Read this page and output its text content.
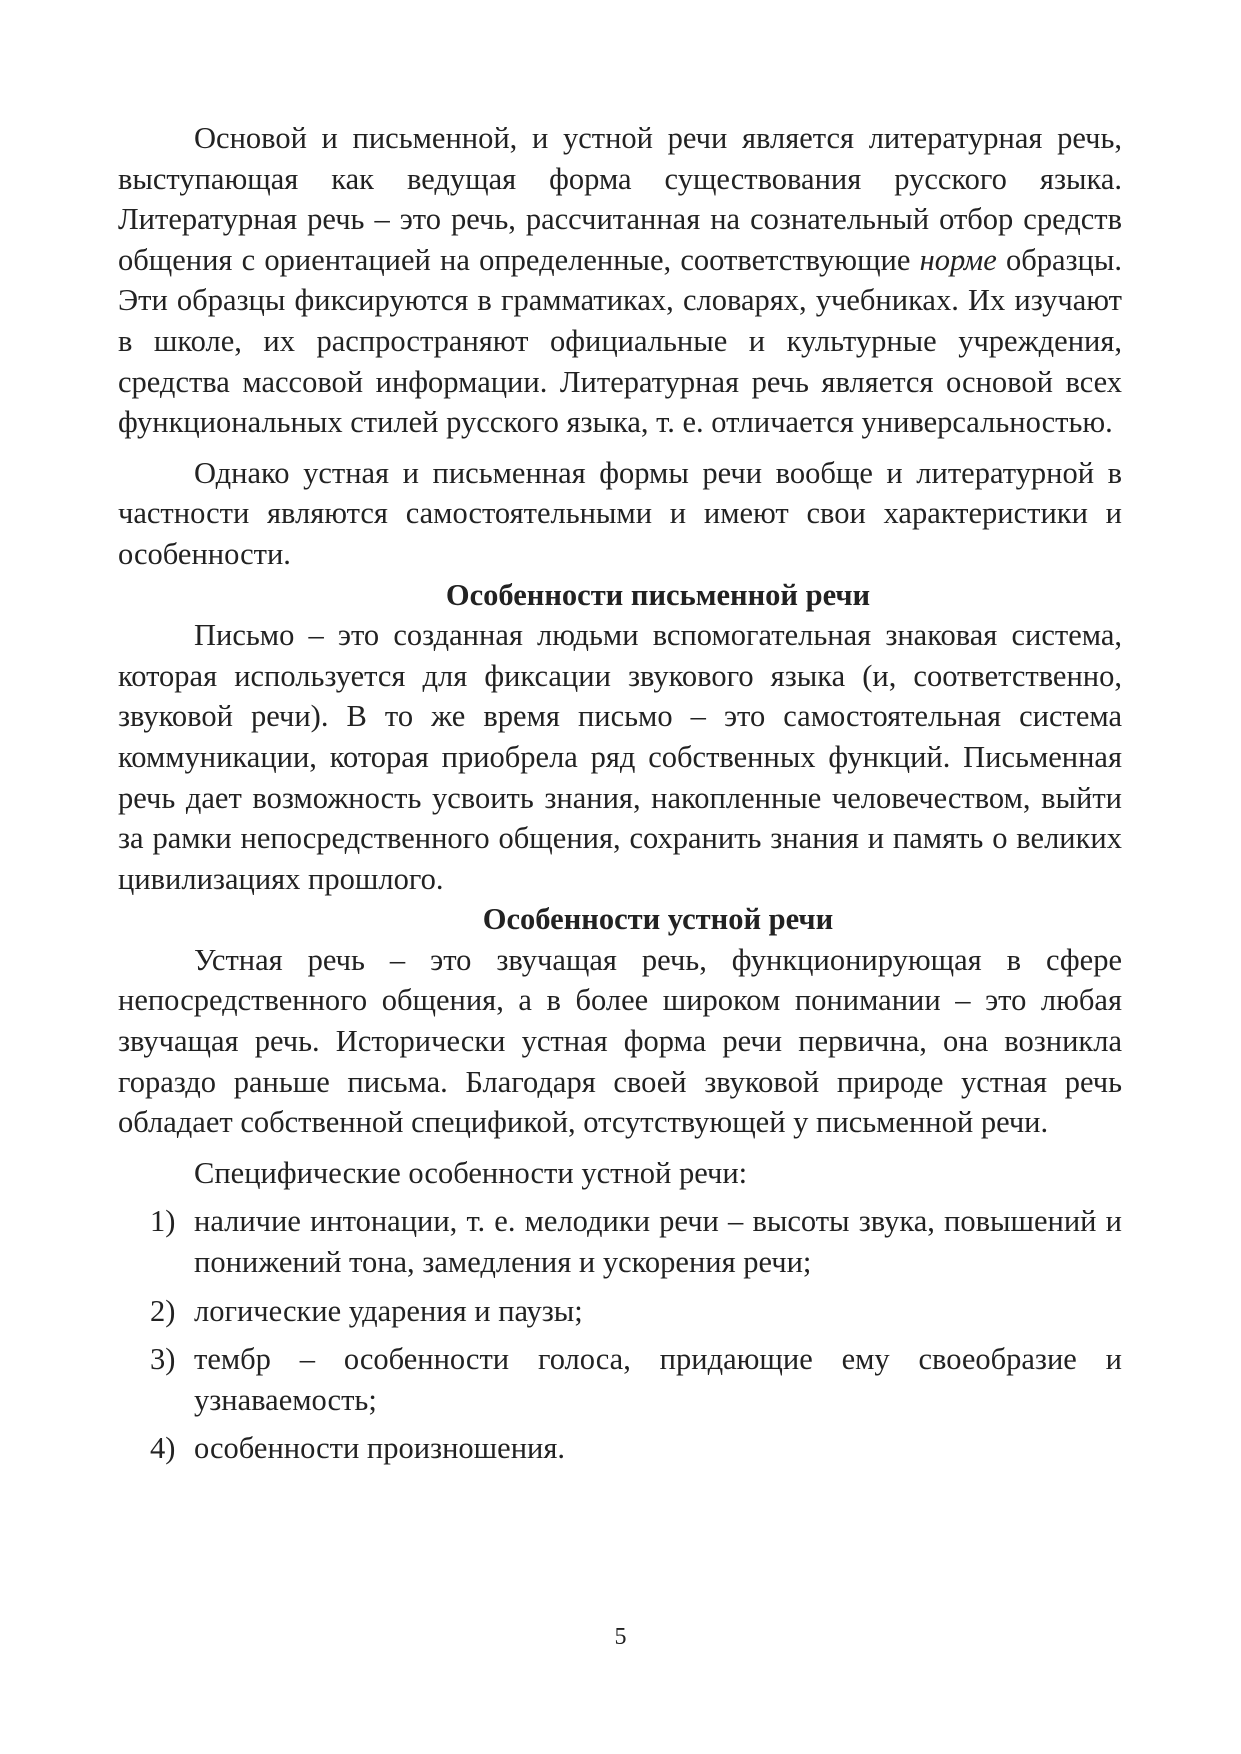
Основой и письменной, и устной речи является литературная речь, выступающая как ведущая форма существования русского языка. Литературная речь – это речь, рассчитанная на сознательный отбор средств общения с ориентацией на определенные, соответствующие норме образцы. Эти образцы фиксируются в грамматиках, словарях, учебниках. Их изучают в школе, их распространяют официальные и культурные учреждения, средства массовой информации. Литературная речь является основой всех функциональных стилей русского языка, т. е. отличается универсальностью.

Однако устная и письменная формы речи вообще и литературной в частности являются самостоятельными и имеют свои характеристики и особенности.

Особенности письменной речи

Письмо – это созданная людьми вспомогательная знаковая система, которая используется для фиксации звукового языка (и, соответственно, звуковой речи). В то же время письмо – это самостоятельная система коммуникации, которая приобрела ряд собственных функций. Письменная речь дает возможность усвоить знания, накопленные человечеством, выйти за рамки непосредственного общения, сохранить знания и память о великих цивилизациях прошлого.

Особенности устной речи

Устная речь – это звучащая речь, функционирующая в сфере непосредственного общения, а в более широком понимании – это любая звучащая речь. Исторически устная форма речи первична, она возникла гораздо раньше письма. Благодаря своей звуковой природе устная речь обладает собственной спецификой, отсутствующей у письменной речи.

Специфические особенности устной речи:

1) наличие интонации, т. е. мелодики речи – высоты звука, повышений и понижений тона, замедления и ускорения речи;
2) логические ударения и паузы;
3) тембр – особенности голоса, придающие ему своеобразие и узнаваемость;
4) особенности произношения.
5
